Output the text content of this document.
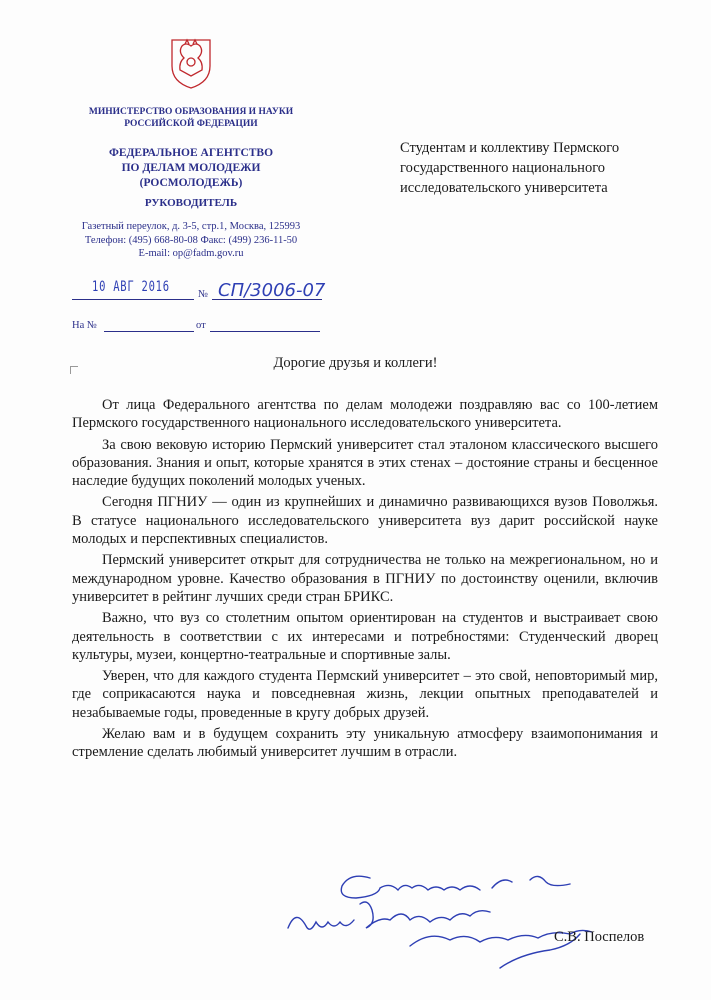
МИНИСТЕРСТВО ОБРАЗОВАНИЯ И НАУКИ
РОССИЙСКОЙ ФЕДЕРАЦИИ
ФЕДЕРАЛЬНОЕ АГЕНТСТВО
ПО ДЕЛАМ МОЛОДЕЖИ
(РОСМОЛОДЕЖЬ)
РУКОВОДИТЕЛЬ
Газетный переулок, д. 3-5, стр.1, Москва, 125993
Телефон: (495) 668-80-08 Факс: (499) 236-11-50
E-mail: op@fadm.gov.ru
Студентам и коллективу Пермского
государственного национального
исследовательского университета
10 АВГ 2016	№ СП/3006-07
На №	от
Дорогие друзья и коллеги!

От лица Федерального агентства по делам молодежи поздравляю вас со 100-летием Пермского государственного национального исследовательского университета.

За свою вековую историю Пермский университет стал эталоном классического высшего образования. Знания и опыт, которые хранятся в этих стенах – достояние страны и бесценное наследие будущих поколений молодых ученых.

Сегодня ПГНИУ — один из крупнейших и динамично развивающихся вузов Поволжья. В статусе национального исследовательского университета вуз дарит российской науке молодых и перспективных специалистов.

Пермский университет открыт для сотрудничества не только на межрегиональном, но и международном уровне. Качество образования в ПГНИУ по достоинству оценили, включив университет в рейтинг лучших среди стран БРИКС.

Важно, что вуз со столетним опытом ориентирован на студентов и выстраивает свою деятельность в соответствии с их интересами и потребностями: Студенческий дворец культуры, музеи, концертно-театральные и спортивные залы.

Уверен, что для каждого студента Пермский университет – это свой, неповторимый мир, где соприкасаются наука и повседневная жизнь, лекции опытных преподавателей и незабываемые годы, проведенные в кругу добрых друзей.

Желаю вам и в будущем сохранить эту уникальную атмосферу взаимопонимания и стремление сделать любимый университет лучшим в отрасли.

С.В. Поспелов
